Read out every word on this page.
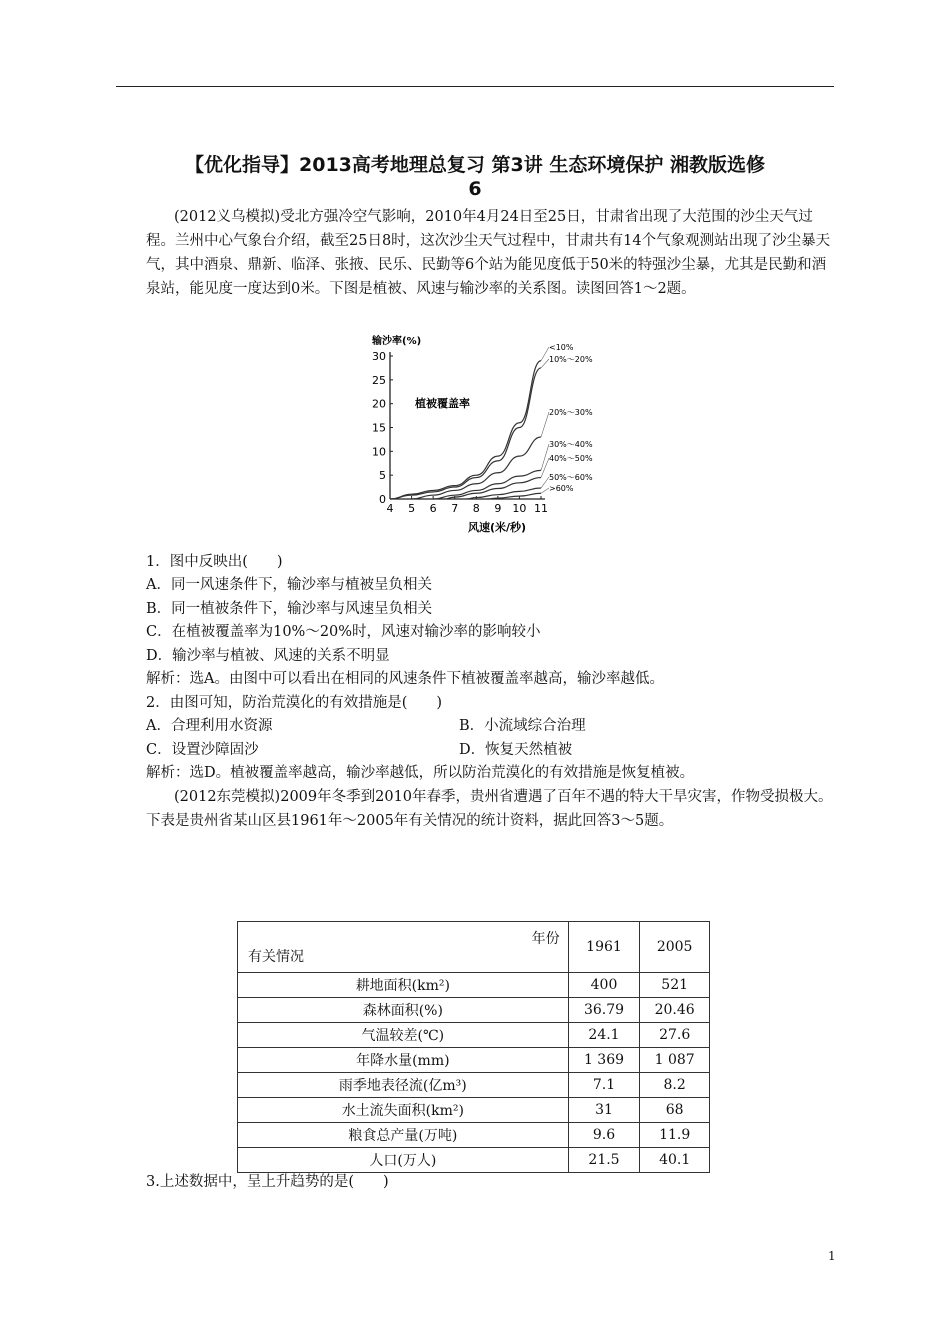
【优化指导】2013高考地理总复习 第3讲 生态环境保护 湘教版选修
6
(2012义乌模拟)受北方强冷空气影响，2010年4月24日至25日，甘肃省出现了大范围的沙尘天气过程。兰州中心气象台介绍，截至25日8时，这次沙尘天气过程中，甘肃共有14个气象观测站出现了沙尘暴天气，其中酒泉、鼎新、临泽、张掖、民乐、民勤等6个站为能见度低于50米的特强沙尘暴，尤其是民勤和酒泉站，能见度一度达到0米。下图是植被、风速与输沙率的关系图。读图回答1～2题。
输沙率(%)
风速(米/秒)
植被覆盖率
0
5
10
15
20
25
30
4 5 6 7 8 9 10 11
<10%
10%～20%
20%～30%
30%～40%
40%～50%
50%～60%
>60%
1．图中反映出(　　)
A．同一风速条件下，输沙率与植被呈负相关
B．同一植被条件下，输沙率与风速呈负相关
C．在植被覆盖率为10%～20%时，风速对输沙率的影响较小
D．输沙率与植被、风速的关系不明显
解析：选A。由图中可以看出在相同的风速条件下植被覆盖率越高，输沙率越低。
2．由图可知，防治荒漠化的有效措施是(　　)
A．合理利用水资源	B．小流域综合治理
C．设置沙障固沙	D．恢复天然植被
解析：选D。植被覆盖率越高，输沙率越低，所以防治荒漠化的有效措施是恢复植被。
(2012东莞模拟)2009年冬季到2010年春季，贵州省遭遇了百年不遇的特大干旱灾害，作物受损极大。下表是贵州省某山区县1961年～2005年有关情况的统计资料，据此回答3～5题。
年份
有关情况	1961	2005
耕地面积(km²)	400	521
森林面积(%)	36.79	20.46
气温较差(℃)	24.1	27.6
年降水量(mm)	1 369	1 087
雨季地表径流(亿m³)	7.1	8.2
水土流失面积(km²)	31	68
粮食总产量(万吨)	9.6	11.9
人口(万人)	21.5	40.1
3.上述数据中，呈上升趋势的是(　　)
1
